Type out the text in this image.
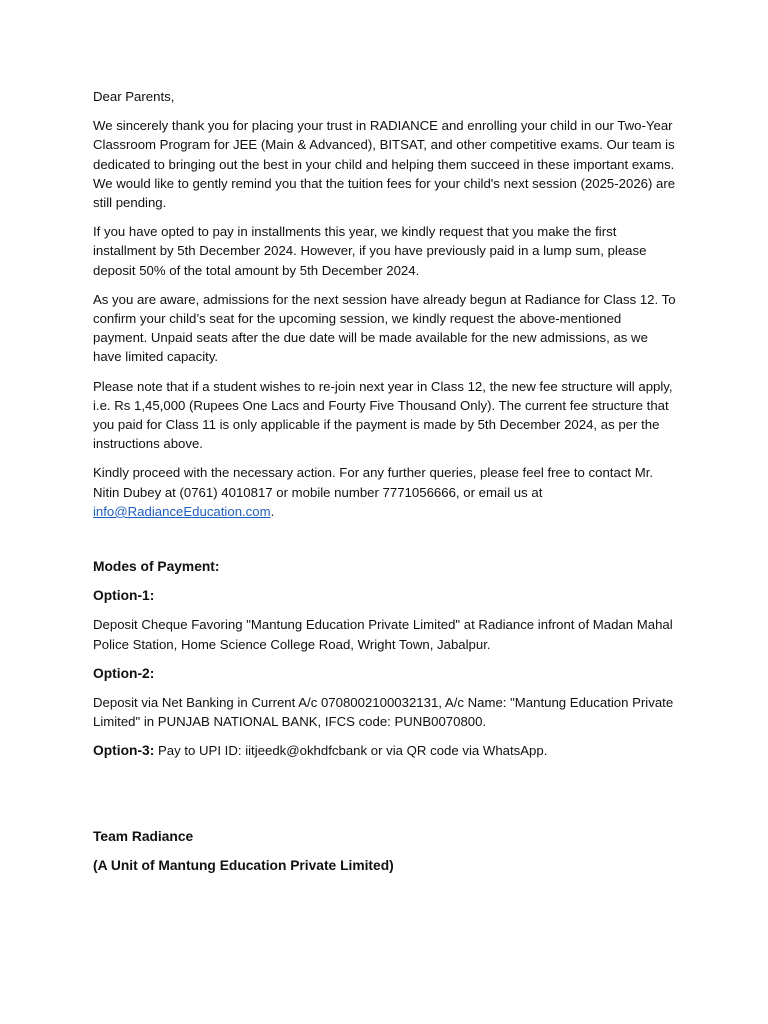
Dear Parents,

We sincerely thank you for placing your trust in RADIANCE and enrolling your child in our Two-Year Classroom Program for JEE (Main & Advanced), BITSAT, and other competitive exams. Our team is dedicated to bringing out the best in your child and helping them succeed in these important exams. We would like to gently remind you that the tuition fees for your child's next session (2025-2026) are still pending.

If you have opted to pay in installments this year, we kindly request that you make the first installment by 5th December 2024. However, if you have previously paid in a lump sum, please deposit 50% of the total amount by 5th December 2024.

As you are aware, admissions for the next session have already begun at Radiance for Class 12. To confirm your child’s seat for the upcoming session, we kindly request the above-mentioned payment. Unpaid seats after the due date will be made available for the new admissions, as we have limited capacity.

Please note that if a student wishes to re-join next year in Class 12, the new fee structure will apply, i.e. Rs 1,45,000 (Rupees One Lacs and Fourty Five Thousand Only). The current fee structure that you paid for Class 11 is only applicable if the payment is made by 5th December 2024, as per the instructions above.

Kindly proceed with the necessary action. For any further queries, please feel free to contact Mr. Nitin Dubey at (0761) 4010817 or mobile number 7771056666, or email us at
info@RadianceEducation.com.

Modes of Payment:

Option-1:

Deposit Cheque Favoring "Mantung Education Private Limited" at Radiance infront of Madan Mahal Police Station, Home Science College Road, Wright Town, Jabalpur.

Option-2:

Deposit via Net Banking in Current A/c 0708002100032131, A/c Name: "Mantung Education Private Limited" in PUNJAB NATIONAL BANK, IFCS code: PUNB0070800.

Option-3: Pay to UPI ID: iitjeedk@okhdfcbank or via QR code via WhatsApp.

Team Radiance

(A Unit of Mantung Education Private Limited)
